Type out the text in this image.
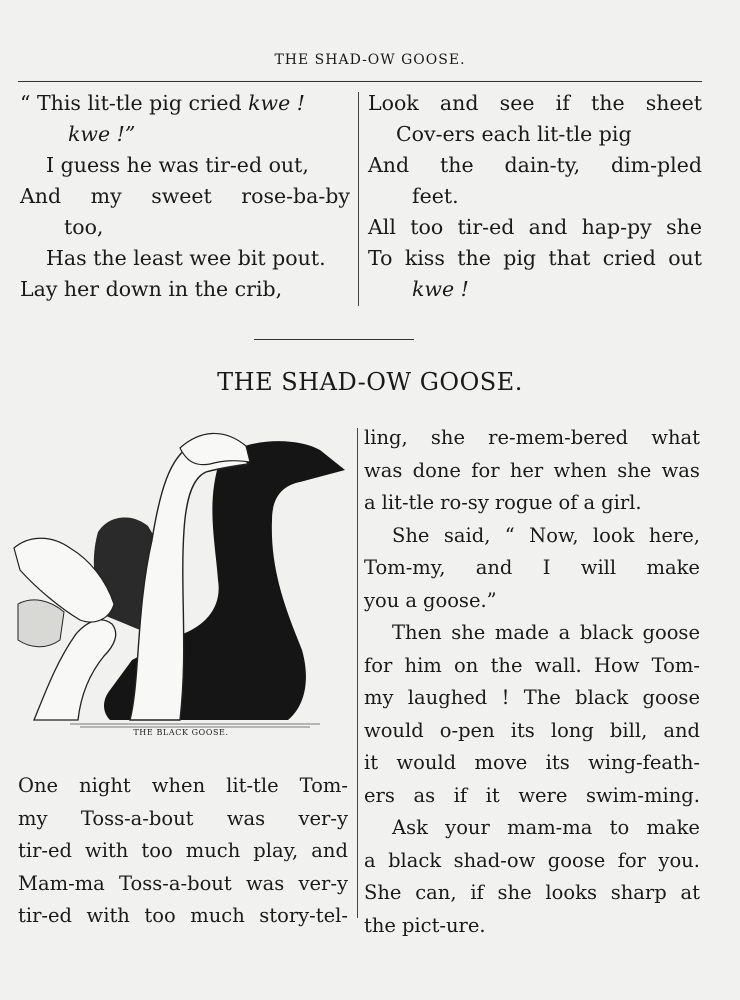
THE SHAD-OW GOOSE.
“ This lit-tle pig cried kwe !
kwe !”
I guess he was tir-ed out,
And my sweet rose-ba-by
too,
Has the least wee bit pout.
Lay her down in the crib,
Look and see if the sheet
Cov-ers each lit-tle pig
And the dain-ty, dim-pled
feet.
All too tir-ed and hap-py she
To kiss the pig that cried out
kwe !
THE SHAD-OW GOOSE.
THE BLACK GOOSE.
One night when lit-tle Tom-
my Toss-a-bout was ver-y
tir-ed with too much play, and
Mam-ma Toss-a-bout was ver-y
tir-ed with too much story-tel-
ling, she re-mem-bered what
was done for her when she was
a lit-tle ro-sy rogue of a girl.
She said, “ Now, look here,
Tom-my, and I will make
you a goose.”
Then she made a black goose
for him on the wall. How Tom-
my laughed ! The black goose
would o-pen its long bill, and
it would move its wing-feath-
ers as if it were swim-ming.
Ask your mam-ma to make
a black shad-ow goose for you.
She can, if she looks sharp at
the pict-ure.
